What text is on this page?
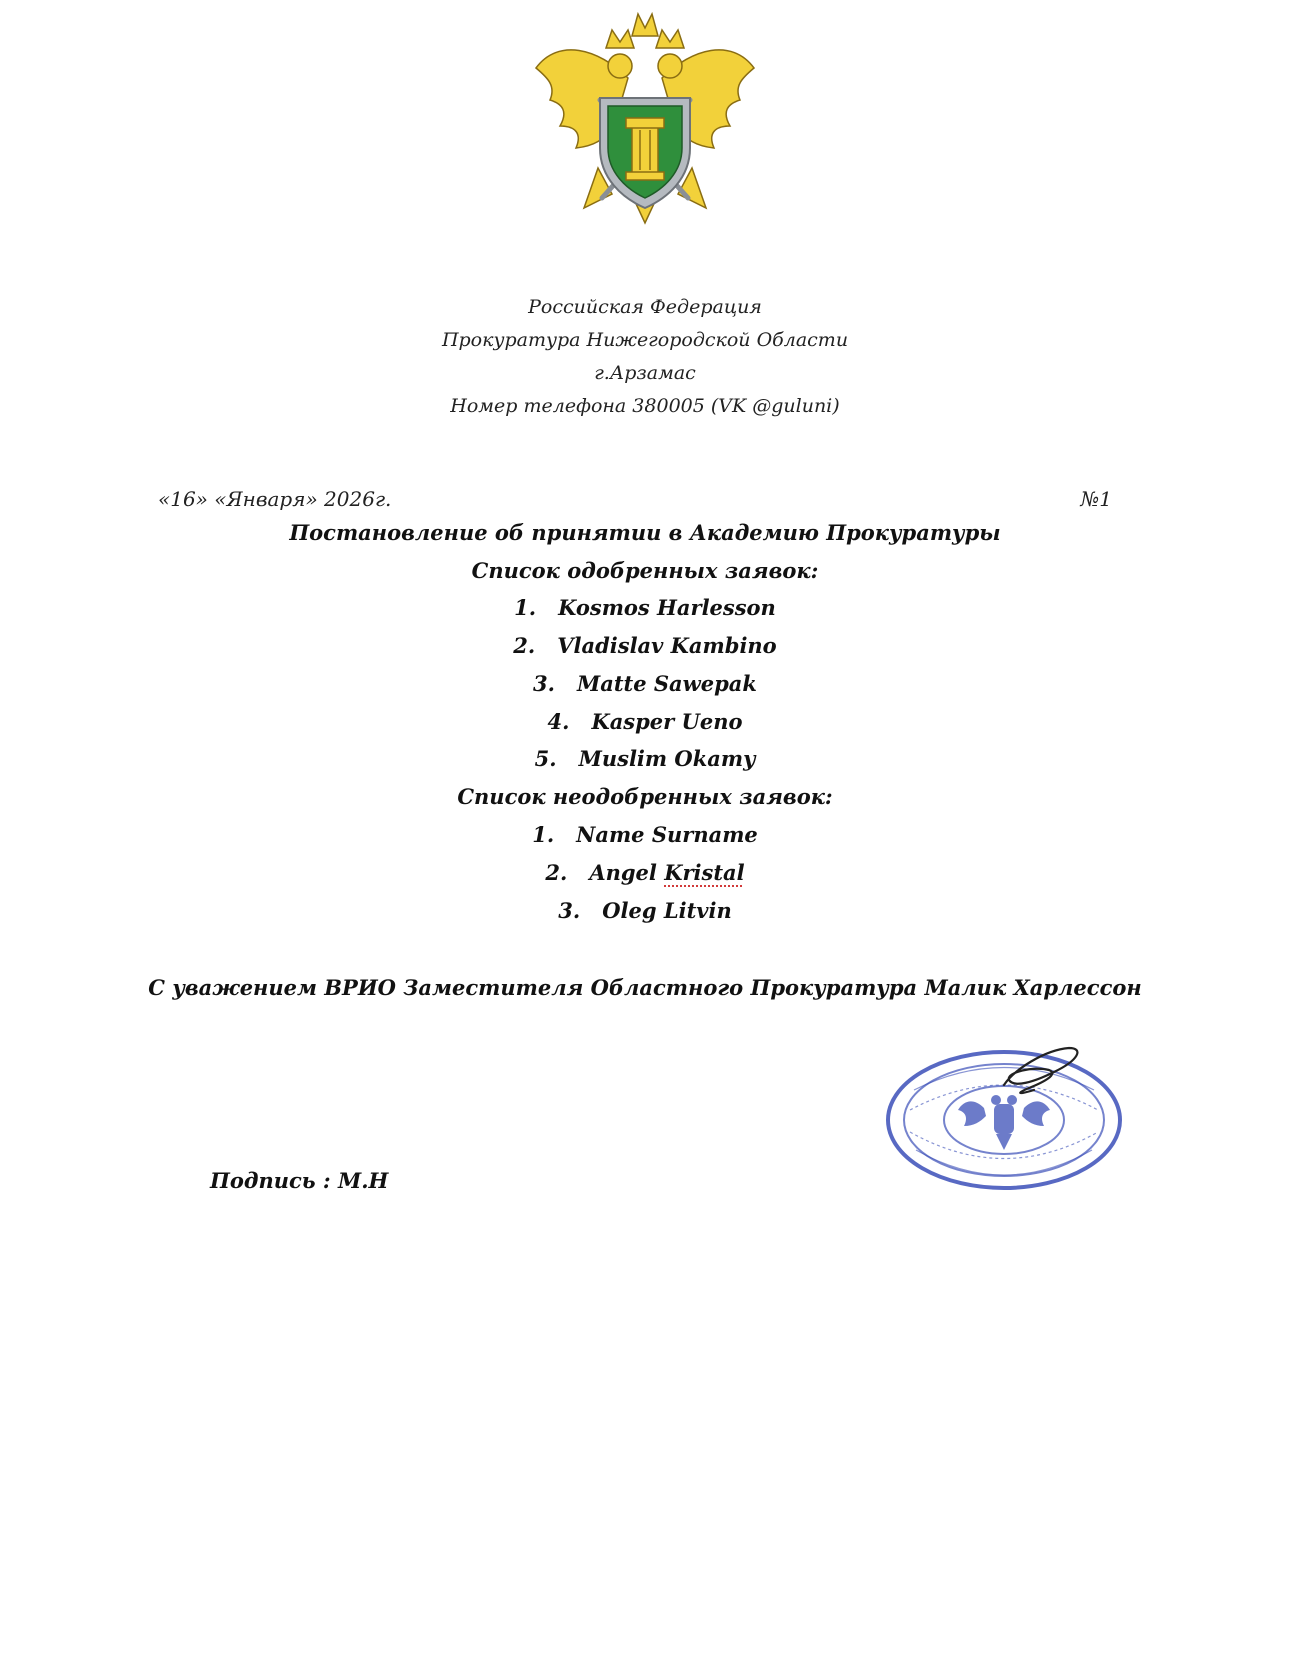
Российская Федерация
Прокуратура Нижегородской Области
г.Арзамас
Номер телефона 380005 (VK @guluni)
«16» «Января» 2026г.	№1
Постановление об принятии в Академию Прокуратуры
Список одобренных заявок:
1. Kosmos Harlesson
2. Vladislav Kambino
3. Matte Sawepak
4. Kasper Ueno
5. Muslim Okamy
Список неодобренных заявок:
1. Name Surname
2. Angel Kristal
3. Oleg Litvin
С уважением ВРИО Заместителя Областного Прокуратура Малик Харлессон
Подпись : М.Н
